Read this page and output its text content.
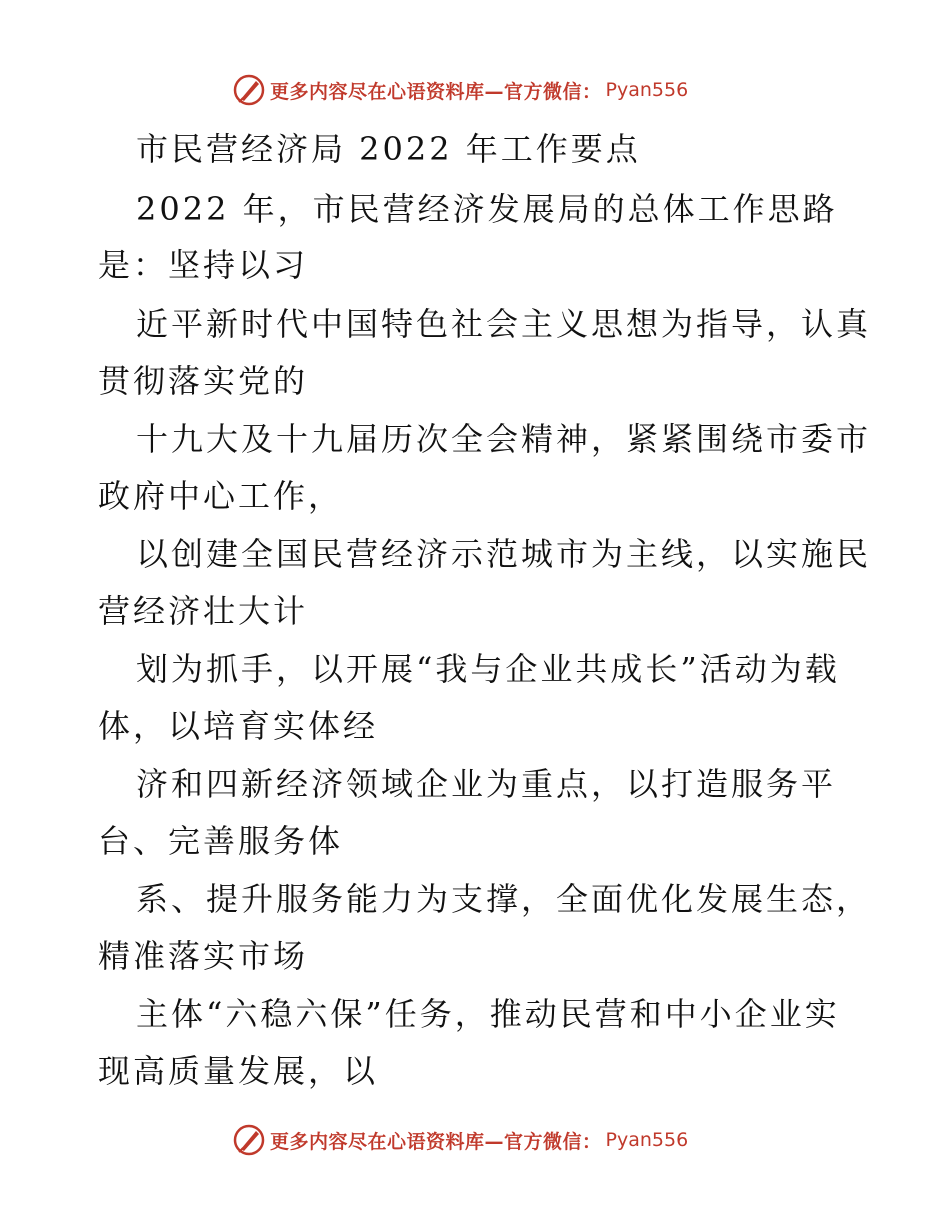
更多内容尽在心语资料库—官方微信： Pyan556
市民营经济局 2022 年工作要点
2022 年，市民营经济发展局的总体工作思路
是：坚持以习
近平新时代中国特色社会主义思想为指导，认真
贯彻落实党的
十九大及十九届历次全会精神，紧紧围绕市委市
政府中心工作，
以创建全国民营经济示范城市为主线，以实施民
营经济壮大计
划为抓手，以开展“我与企业共成长”活动为载
体，以培育实体经
济和四新经济领域企业为重点，以打造服务平
台、完善服务体
系、提升服务能力为支撑，全面优化发展生态，
精准落实市场
主体“六稳六保”任务，推动民营和中小企业实
现高质量发展，以
更多内容尽在心语资料库—官方微信： Pyan556
